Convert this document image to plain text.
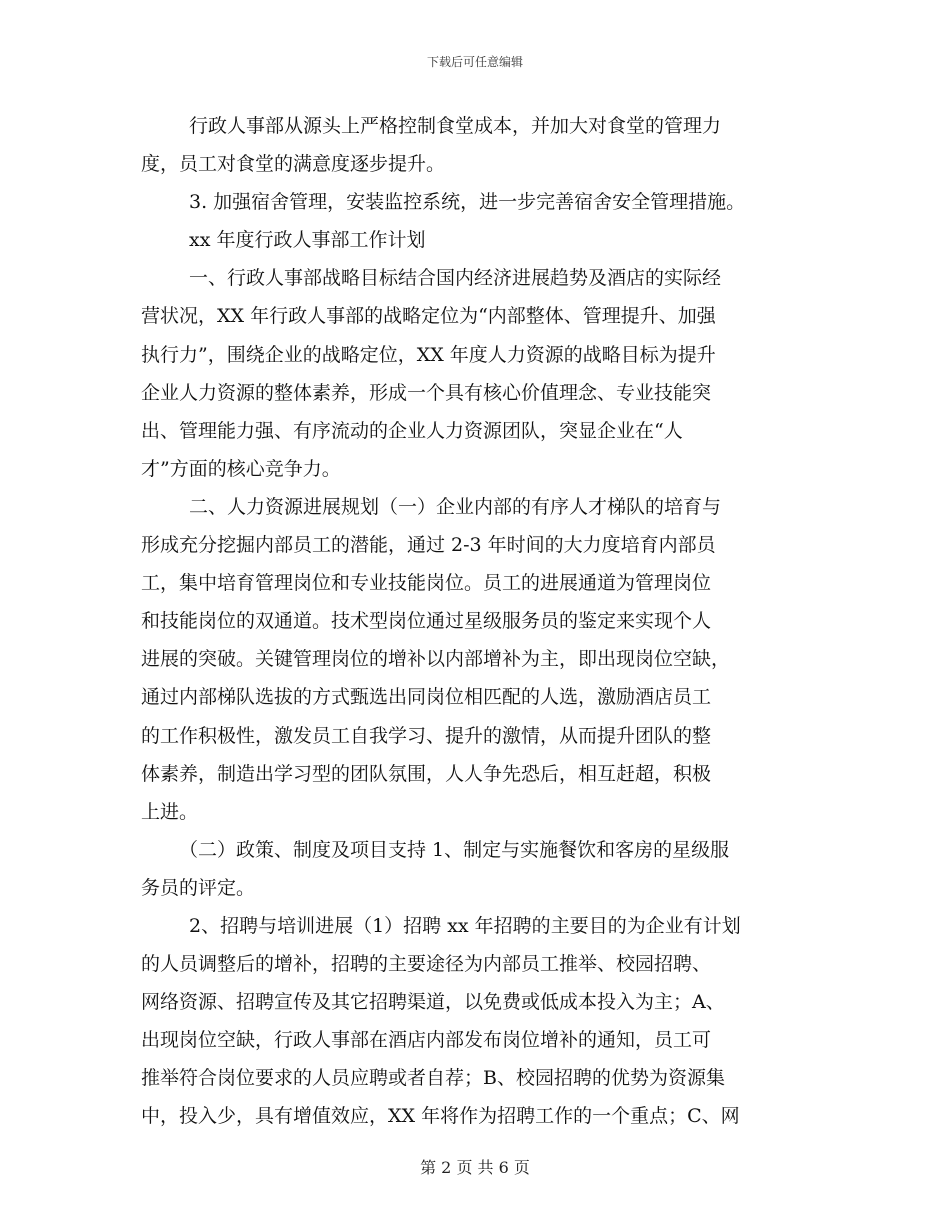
下载后可任意编辑
行政人事部从源头上严格控制食堂成本，并加大对食堂的管理力
度，员工对食堂的满意度逐步提升。
3. 加强宿舍管理，安装监控系统，进一步完善宿舍安全管理措施。
xx 年度行政人事部工作计划
一、行政人事部战略目标结合国内经济进展趋势及酒店的实际经
营状况，XX 年行政人事部的战略定位为“内部整体、管理提升、加强
执行力”，围绕企业的战略定位，XX 年度人力资源的战略目标为提升
企业人力资源的整体素养，形成一个具有核心价值理念、专业技能突
出、管理能力强、有序流动的企业人力资源团队，突显企业在“人
才”方面的核心竞争力。
二、人力资源进展规划（一）企业内部的有序人才梯队的培育与
形成充分挖掘内部员工的潜能，通过 2-3 年时间的大力度培育内部员
工，集中培育管理岗位和专业技能岗位。员工的进展通道为管理岗位
和技能岗位的双通道。技术型岗位通过星级服务员的鉴定来实现个人
进展的突破。关键管理岗位的增补以内部增补为主，即出现岗位空缺，
通过内部梯队选拔的方式甄选出同岗位相匹配的人选，激励酒店员工
的工作积极性，激发员工自我学习、提升的激情，从而提升团队的整
体素养，制造出学习型的团队氛围，人人争先恐后，相互赶超，积极
上进。
（二）政策、制度及项目支持 1、制定与实施餐饮和客房的星级服
务员的评定。
2、招聘与培训进展（1）招聘 xx 年招聘的主要目的为企业有计划
的人员调整后的增补，招聘的主要途径为内部员工推举、校园招聘、
网络资源、招聘宣传及其它招聘渠道，以免费或低成本投入为主；A、
出现岗位空缺，行政人事部在酒店内部发布岗位增补的通知，员工可
推举符合岗位要求的人员应聘或者自荐；B、校园招聘的优势为资源集
中，投入少，具有增值效应，XX 年将作为招聘工作的一个重点；C、网
第 2 页 共 6 页
